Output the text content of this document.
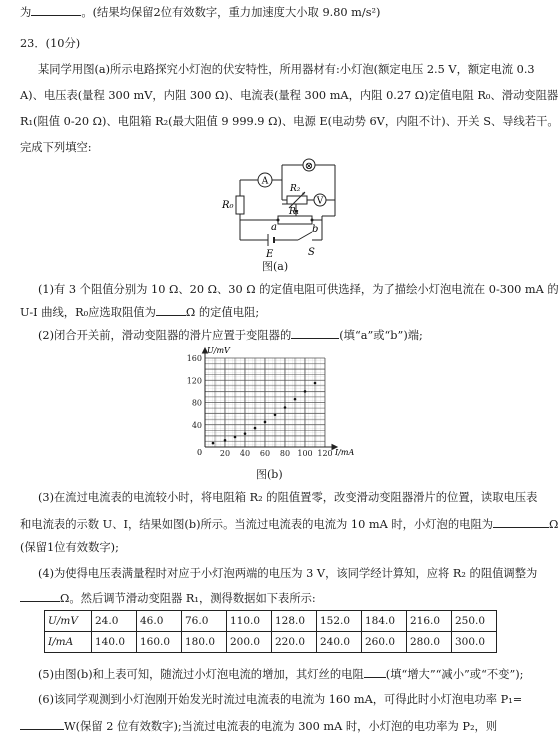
为	。(结果均保留2位有效数字，重力加速度大小取 9.80 m/s²)
23．(10分)
某同学用图(a)所示电路探究小灯泡的伏安特性，所用器材有:小灯泡(额定电压 2.5 V，额定电流 0.3
A)、电压表(量程 300 mV，内阻 300 Ω)、电流表(量程 300 mA，内阻 0.27 Ω)定值电阻 R₀、滑动变阻器
R₁(阻值 0-20 Ω)、电阻箱 R₂(最大阻值 9 999.9 Ω)、电源 E(电动势 6V，内阻不计)、开关 S、导线若干。
完成下列填空:
A
⊗
V
R₀
R₂
R₁
a	b
E	S
图(a)
(1)有 3 个阻值分别为 10 Ω、20 Ω、30 Ω 的定值电阻可供选择，为了描绘小灯泡电流在 0-300 mA 的
U-I 曲线，R₀应选取阻值为	Ω 的定值电阻;
(2)闭合开关前，滑动变阻器的滑片应置于变阻器的	(填“a”或“b”)端;
20 40 60 80 100 120
40
80
120
160
0
U/mV
I/mA
图(b)
(3)在流过电流表的电流较小时，将电阻箱 R₂ 的阻值置零，改变滑动变阻器滑片的位置，读取电压表
和电流表的示数 U、I，结果如图(b)所示。当流过电流表的电流为 10 mA 时，小灯泡的电阻为	Ω
(保留1位有效数字);
(4)为使得电压表满量程时对应于小灯泡两端的电压为 3 V，该同学经计算知，应将 R₂ 的阻值调整为
Ω。然后调节滑动变阻器 R₁，测得数据如下表所示:
U/mV	24.0	46.0	76.0	110.0	128.0	152.0	184.0	216.0	250.0
I/mA	140.0	160.0	180.0	200.0	220.0	240.0	260.0	280.0	300.0
(5)由图(b)和上表可知，随流过小灯泡电流的增加，其灯丝的电阻 (填“增大”“减小”或“不变”);
(6)该同学观测到小灯泡刚开始发光时流过电流表的电流为 160 mA，可得此时小灯泡电功率 P₁=
W(保留 2 位有效数字);当流过电流表的电流为 300 mA 时，小灯泡的电功率为 P₂，则
